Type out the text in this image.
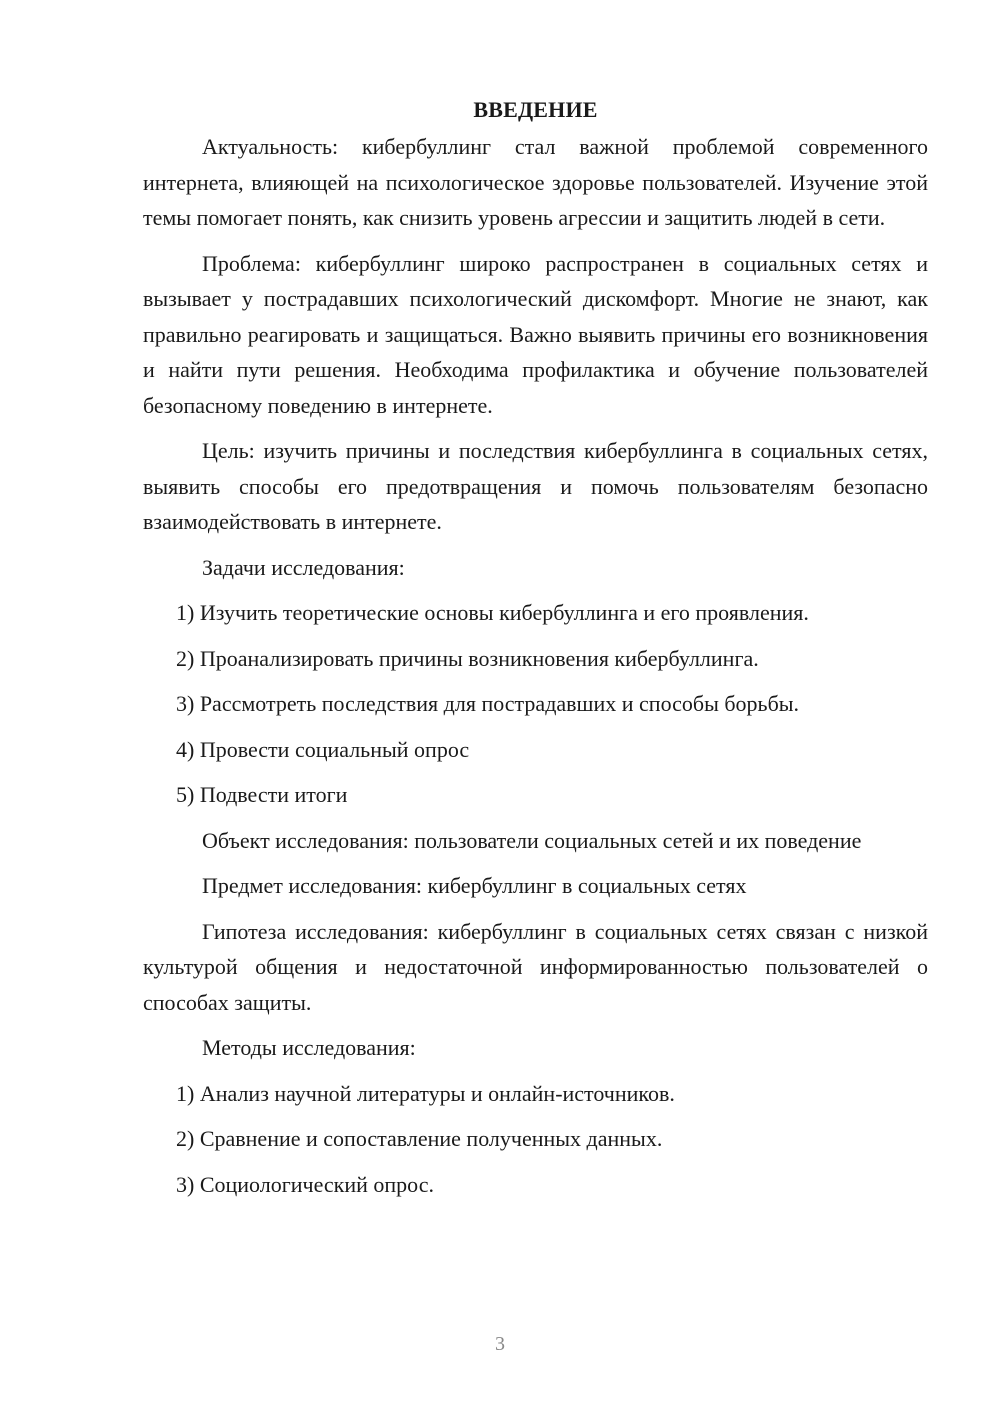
ВВЕДЕНИЕ

Актуальность: кибербуллинг стал важной проблемой современного интернета, влияющей на психологическое здоровье пользователей. Изучение этой темы помогает понять, как снизить уровень агрессии и защитить людей в сети.

Проблема: кибербуллинг широко распространен в социальных сетях и вызывает у пострадавших психологический дискомфорт. Многие не знают, как правильно реагировать и защищаться. Важно выявить причины его возникновения и найти пути решения. Необходима профилактика и обучение пользователей безопасному поведению в интернете.

Цель: изучить причины и последствия кибербуллинга в социальных сетях, выявить способы его предотвращения и помочь пользователям безопасно взаимодействовать в интернете.

Задачи исследования:

1) Изучить теоретические основы кибербуллинга и его проявления.
2) Проанализировать причины возникновения кибербуллинга.
3) Рассмотреть последствия для пострадавших и способы борьбы.
4) Провести социальный опрос
5) Подвести итоги

Объект исследования: пользователи социальных сетей и их поведение

Предмет исследования: кибербуллинг в социальных сетях

Гипотеза исследования: кибербуллинг в социальных сетях связан с низкой культурой общения и недостаточной информированностью пользователей о способах защиты.

Методы исследования:

1) Анализ научной литературы и онлайн-источников.
2) Сравнение и сопоставление полученных данных.
3) Социологический опрос.
3
